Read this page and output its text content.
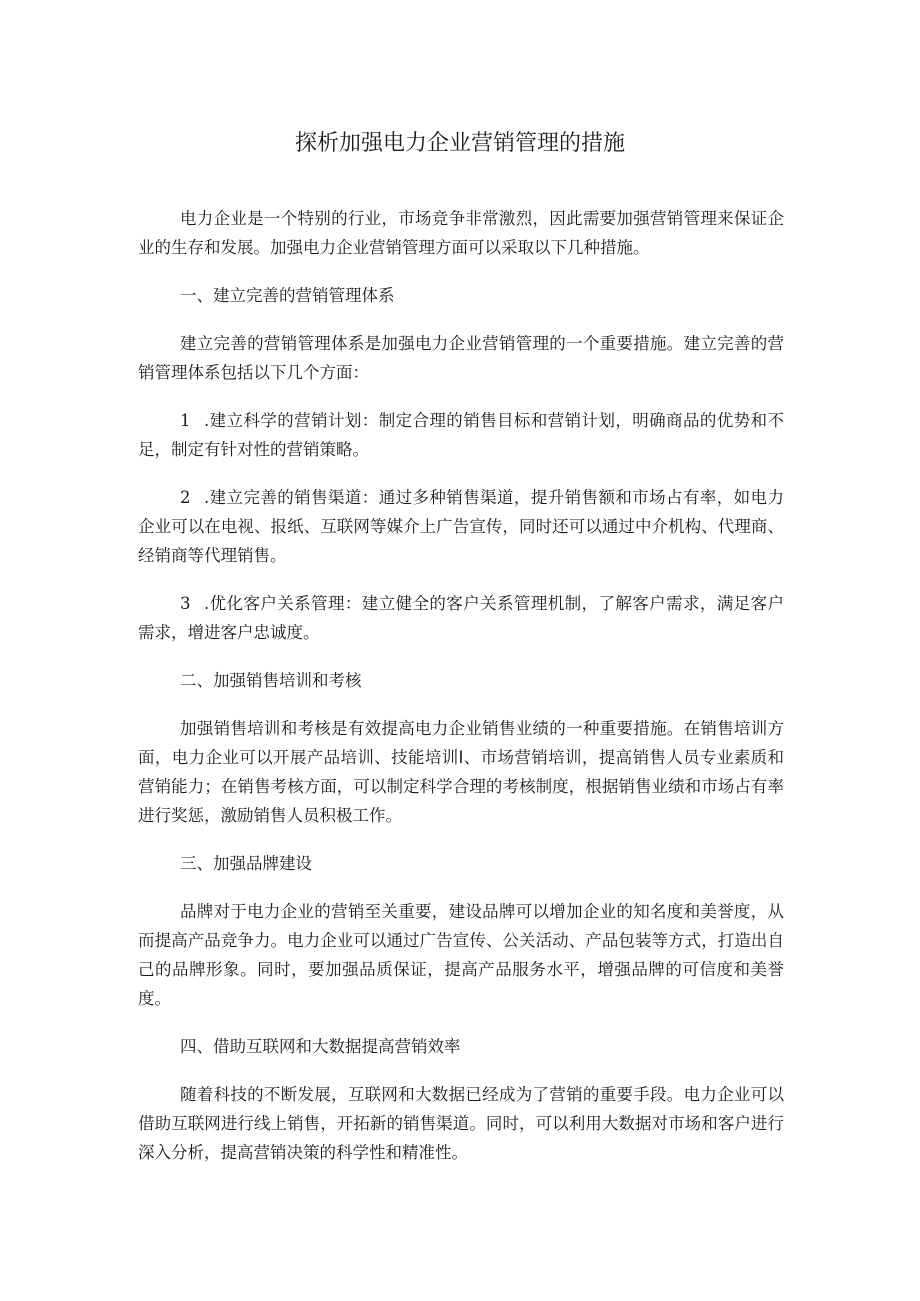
探析加强电力企业营销管理的措施

电力企业是一个特别的行业，市场竞争非常激烈，因此需要加强营销管理来保证企业的生存和发展。加强电力企业营销管理方面可以采取以下几种措施。

一、建立完善的营销管理体系

建立完善的营销管理体系是加强电力企业营销管理的一个重要措施。建立完善的营销管理体系包括以下几个方面：

1 .建立科学的营销计划：制定合理的销售目标和营销计划，明确商品的优势和不足，制定有针对性的营销策略。

2 .建立完善的销售渠道：通过多种销售渠道，提升销售额和市场占有率，如电力企业可以在电视、报纸、互联网等媒介上广告宣传，同时还可以通过中介机构、代理商、经销商等代理销售。

3 .优化客户关系管理：建立健全的客户关系管理机制，了解客户需求，满足客户需求，增进客户忠诚度。

二、加强销售培训和考核

加强销售培训和考核是有效提高电力企业销售业绩的一种重要措施。在销售培训方面，电力企业可以开展产品培训、技能培训I、市场营销培训，提高销售人员专业素质和营销能力；在销售考核方面，可以制定科学合理的考核制度，根据销售业绩和市场占有率进行奖惩，激励销售人员积极工作。

三、加强品牌建设

品牌对于电力企业的营销至关重要，建设品牌可以增加企业的知名度和美誉度，从而提高产品竞争力。电力企业可以通过广告宣传、公关活动、产品包装等方式，打造出自己的品牌形象。同时，要加强品质保证，提高产品服务水平，增强品牌的可信度和美誉度。

四、借助互联网和大数据提高营销效率

随着科技的不断发展，互联网和大数据已经成为了营销的重要手段。电力企业可以借助互联网进行线上销售，开拓新的销售渠道。同时，可以利用大数据对市场和客户进行深入分析，提高营销决策的科学性和精准性。
